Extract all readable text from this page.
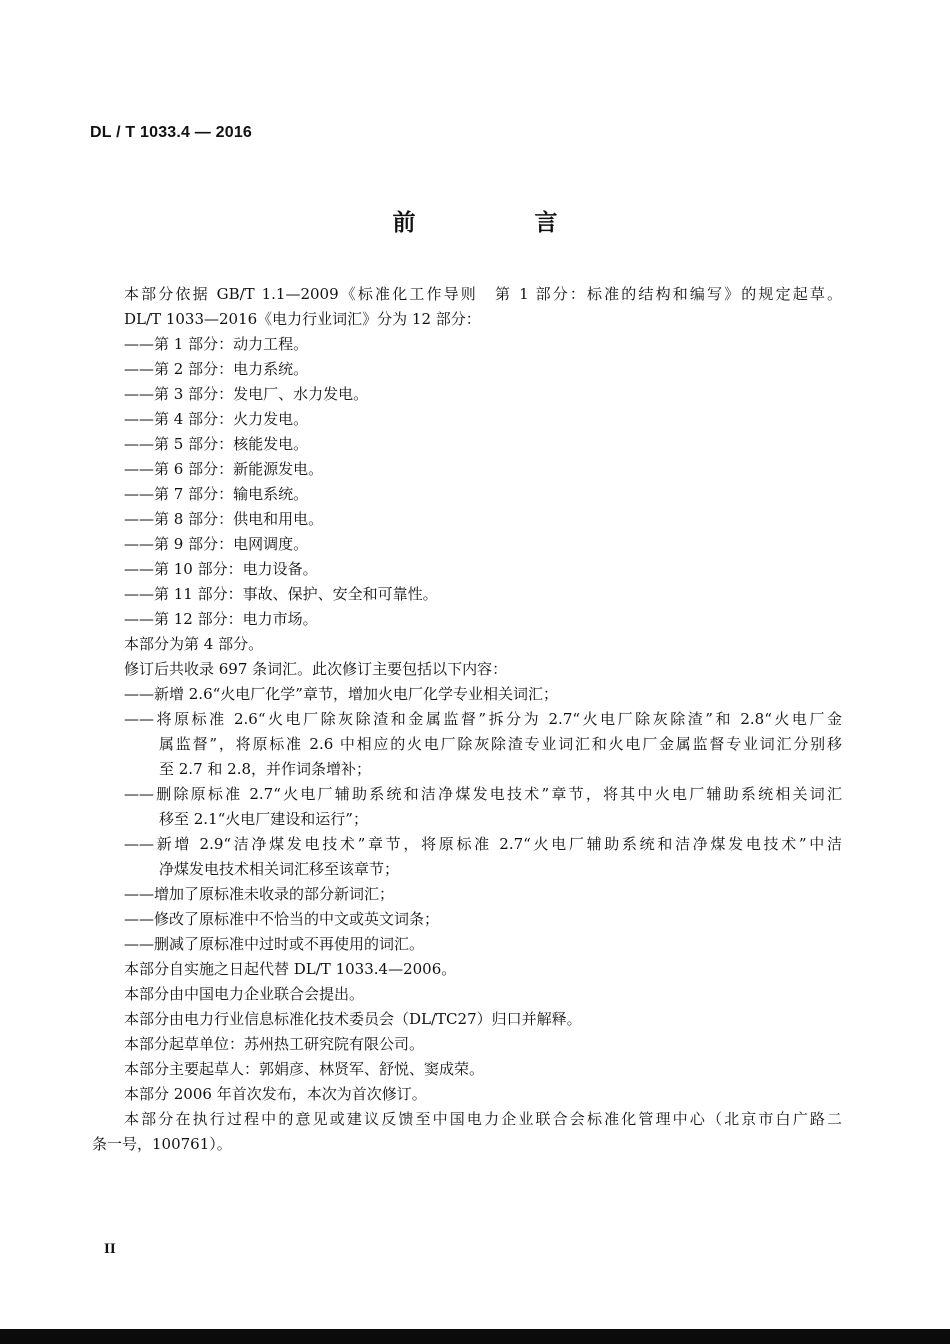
DL / T 1033.4 — 2016
前　言

本部分依据 GB/T 1.1—2009《标准化工作导则　第 1 部分：标准的结构和编写》的规定起草。

DL/T 1033—2016《电力行业词汇》分为 12 部分：

——第 1 部分：动力工程。

——第 2 部分：电力系统。

——第 3 部分：发电厂、水力发电。

——第 4 部分：火力发电。

——第 5 部分：核能发电。

——第 6 部分：新能源发电。

——第 7 部分：输电系统。

——第 8 部分：供电和用电。

——第 9 部分：电网调度。

——第 10 部分：电力设备。

——第 11 部分：事故、保护、安全和可靠性。

——第 12 部分：电力市场。

本部分为第 4 部分。

修订后共收录 697 条词汇。此次修订主要包括以下内容：

——新增 2.6“火电厂化学”章节，增加火电厂化学专业相关词汇；

——将原标准 2.6“火电厂除灰除渣和金属监督”拆分为 2.7“火电厂除灰除渣”和 2.8“火电厂金

属监督”，将原标准 2.6 中相应的火电厂除灰除渣专业词汇和火电厂金属监督专业词汇分别移

至 2.7 和 2.8，并作词条增补；

——删除原标准 2.7“火电厂辅助系统和洁净煤发电技术”章节，将其中火电厂辅助系统相关词汇

移至 2.1“火电厂建设和运行”；

——新增 2.9“洁净煤发电技术”章节，将原标准 2.7“火电厂辅助系统和洁净煤发电技术”中洁

净煤发电技术相关词汇移至该章节；

——增加了原标准未收录的部分新词汇；

——修改了原标准中不恰当的中文或英文词条；

——删减了原标准中过时或不再使用的词汇。

本部分自实施之日起代替 DL/T 1033.4—2006。

本部分由中国电力企业联合会提出。

本部分由电力行业信息标准化技术委员会（DL/TC27）归口并解释。

本部分起草单位：苏州热工研究院有限公司。

本部分主要起草人：郭娟彦、林贤军、舒悦、窦成荣。

本部分 2006 年首次发布，本次为首次修订。

本部分在执行过程中的意见或建议反馈至中国电力企业联合会标准化管理中心（北京市白广路二

条一号，100761）。

II
